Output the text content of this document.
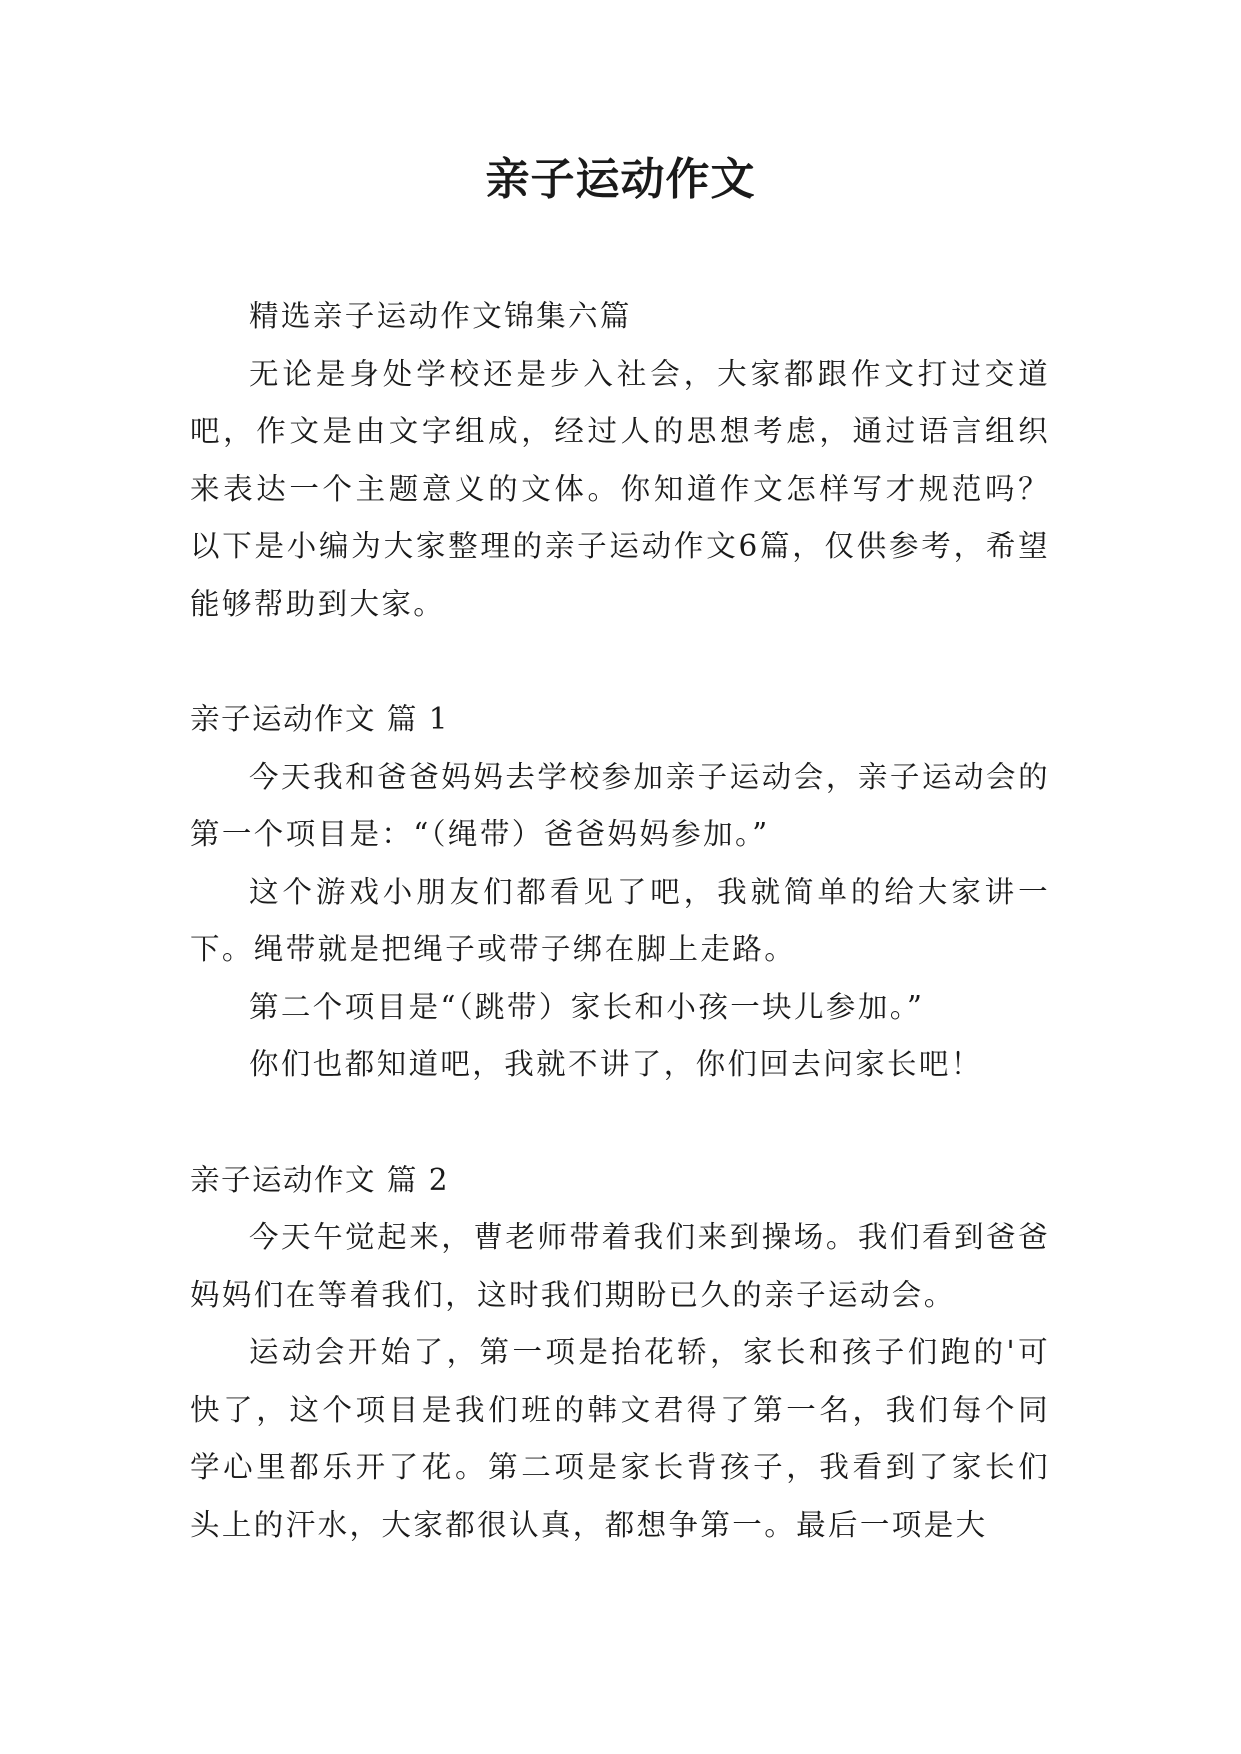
亲子运动作文

精选亲子运动作文锦集六篇

无论是身处学校还是步入社会，大家都跟作文打过交道吧，作文是由文字组成，经过人的思想考虑，通过语言组织来表达一个主题意义的文体。你知道作文怎样写才规范吗？以下是小编为大家整理的亲子运动作文6篇，仅供参考，希望能够帮助到大家。

亲子运动作文 篇 1

今天我和爸爸妈妈去学校参加亲子运动会，亲子运动会的第一个项目是：“（绳带）爸爸妈妈参加。”

这个游戏小朋友们都看见了吧，我就简单的给大家讲一下。绳带就是把绳子或带子绑在脚上走路。

第二个项目是“（跳带）家长和小孩一块儿参加。”

你们也都知道吧，我就不讲了，你们回去问家长吧！

亲子运动作文 篇 2

今天午觉起来，曹老师带着我们来到操场。我们看到爸爸妈妈们在等着我们，这时我们期盼已久的亲子运动会。

运动会开始了，第一项是抬花轿，家长和孩子们跑的'可快了，这个项目是我们班的韩文君得了第一名，我们每个同学心里都乐开了花。第二项是家长背孩子，我看到了家长们头上的汗水，大家都很认真，都想争第一。最后一项是大
